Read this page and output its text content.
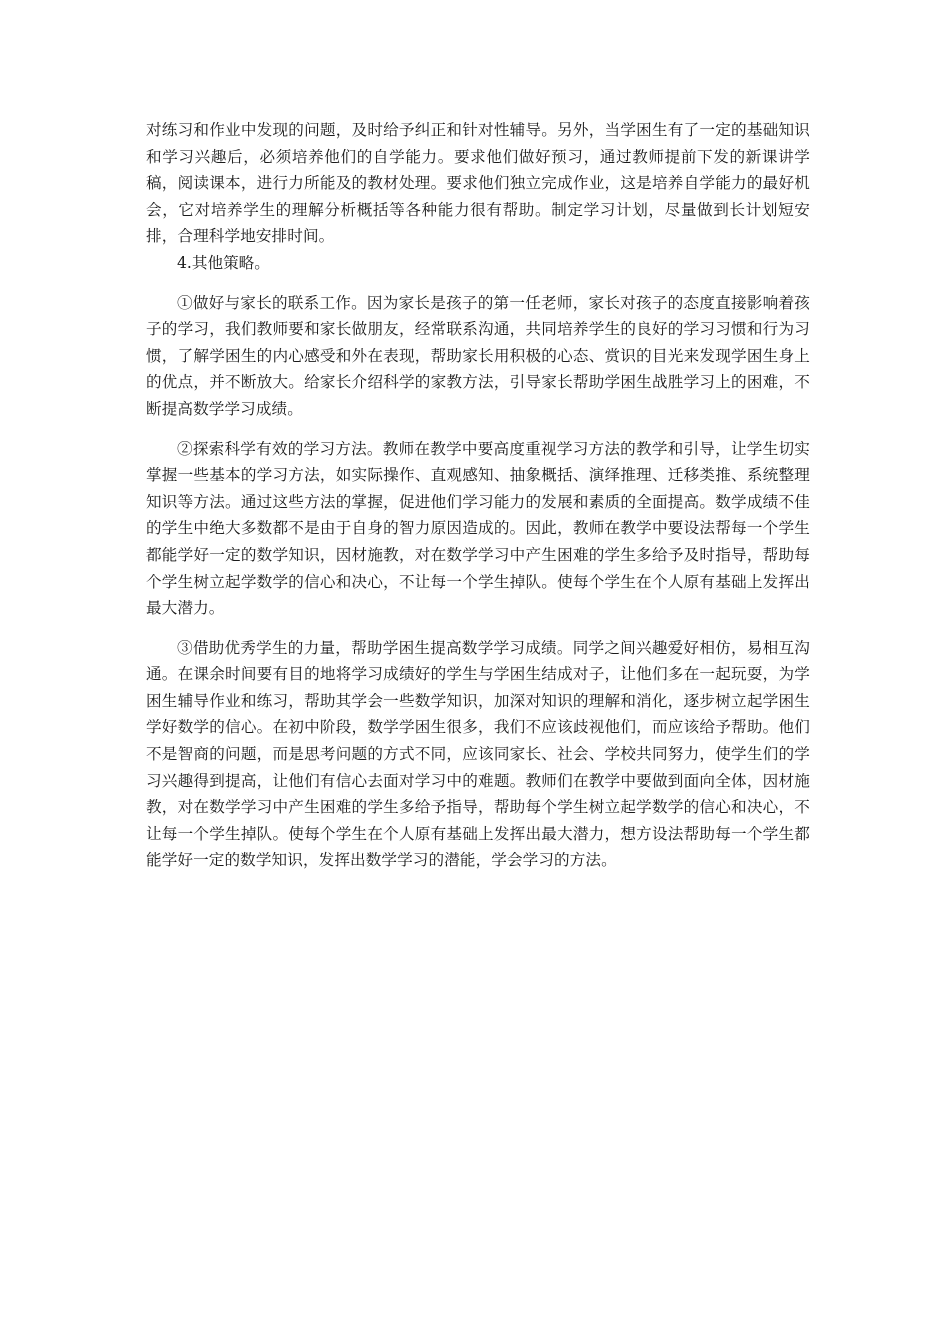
对练习和作业中发现的问题，及时给予纠正和针对性辅导。另外，当学困生有了一定的基础知识和学习兴趣后，必须培养他们的自学能力。要求他们做好预习，通过教师提前下发的新课讲学稿，阅读课本，进行力所能及的教材处理。要求他们独立完成作业，这是培养自学能力的最好机会，它对培养学生的理解分析概括等各种能力很有帮助。制定学习计划，尽量做到长计划短安排，合理科学地安排时间。

4.其他策略。

①做好与家长的联系工作。因为家长是孩子的第一任老师，家长对孩子的态度直接影响着孩子的学习，我们教师要和家长做朋友，经常联系沟通，共同培养学生的良好的学习习惯和行为习惯，了解学困生的内心感受和外在表现，帮助家长用积极的心态、赏识的目光来发现学困生身上的优点，并不断放大。给家长介绍科学的家教方法，引导家长帮助学困生战胜学习上的困难，不断提高数学学习成绩。

②探索科学有效的学习方法。教师在教学中要高度重视学习方法的教学和引导，让学生切实掌握一些基本的学习方法，如实际操作、直观感知、抽象概括、演绎推理、迁移类推、系统整理知识等方法。通过这些方法的掌握，促进他们学习能力的发展和素质的全面提高。数学成绩不佳的学生中绝大多数都不是由于自身的智力原因造成的。因此，教师在教学中要设法帮每一个学生都能学好一定的数学知识，因材施教，对在数学学习中产生困难的学生多给予及时指导，帮助每个学生树立起学数学的信心和决心，不让每一个学生掉队。使每个学生在个人原有基础上发挥出最大潜力。

③借助优秀学生的力量，帮助学困生提高数学学习成绩。同学之间兴趣爱好相仿，易相互沟通。在课余时间要有目的地将学习成绩好的学生与学困生结成对子，让他们多在一起玩耍，为学困生辅导作业和练习，帮助其学会一些数学知识，加深对知识的理解和消化，逐步树立起学困生学好数学的信心。在初中阶段，数学学困生很多，我们不应该歧视他们，而应该给予帮助。他们不是智商的问题，而是思考问题的方式不同，应该同家长、社会、学校共同努力，使学生们的学习兴趣得到提高，让他们有信心去面对学习中的难题。教师们在教学中要做到面向全体，因材施教，对在数学学习中产生困难的学生多给予指导，帮助每个学生树立起学数学的信心和决心，不让每一个学生掉队。使每个学生在个人原有基础上发挥出最大潜力，想方设法帮助每一个学生都能学好一定的数学知识，发挥出数学学习的潜能，学会学习的方法。
